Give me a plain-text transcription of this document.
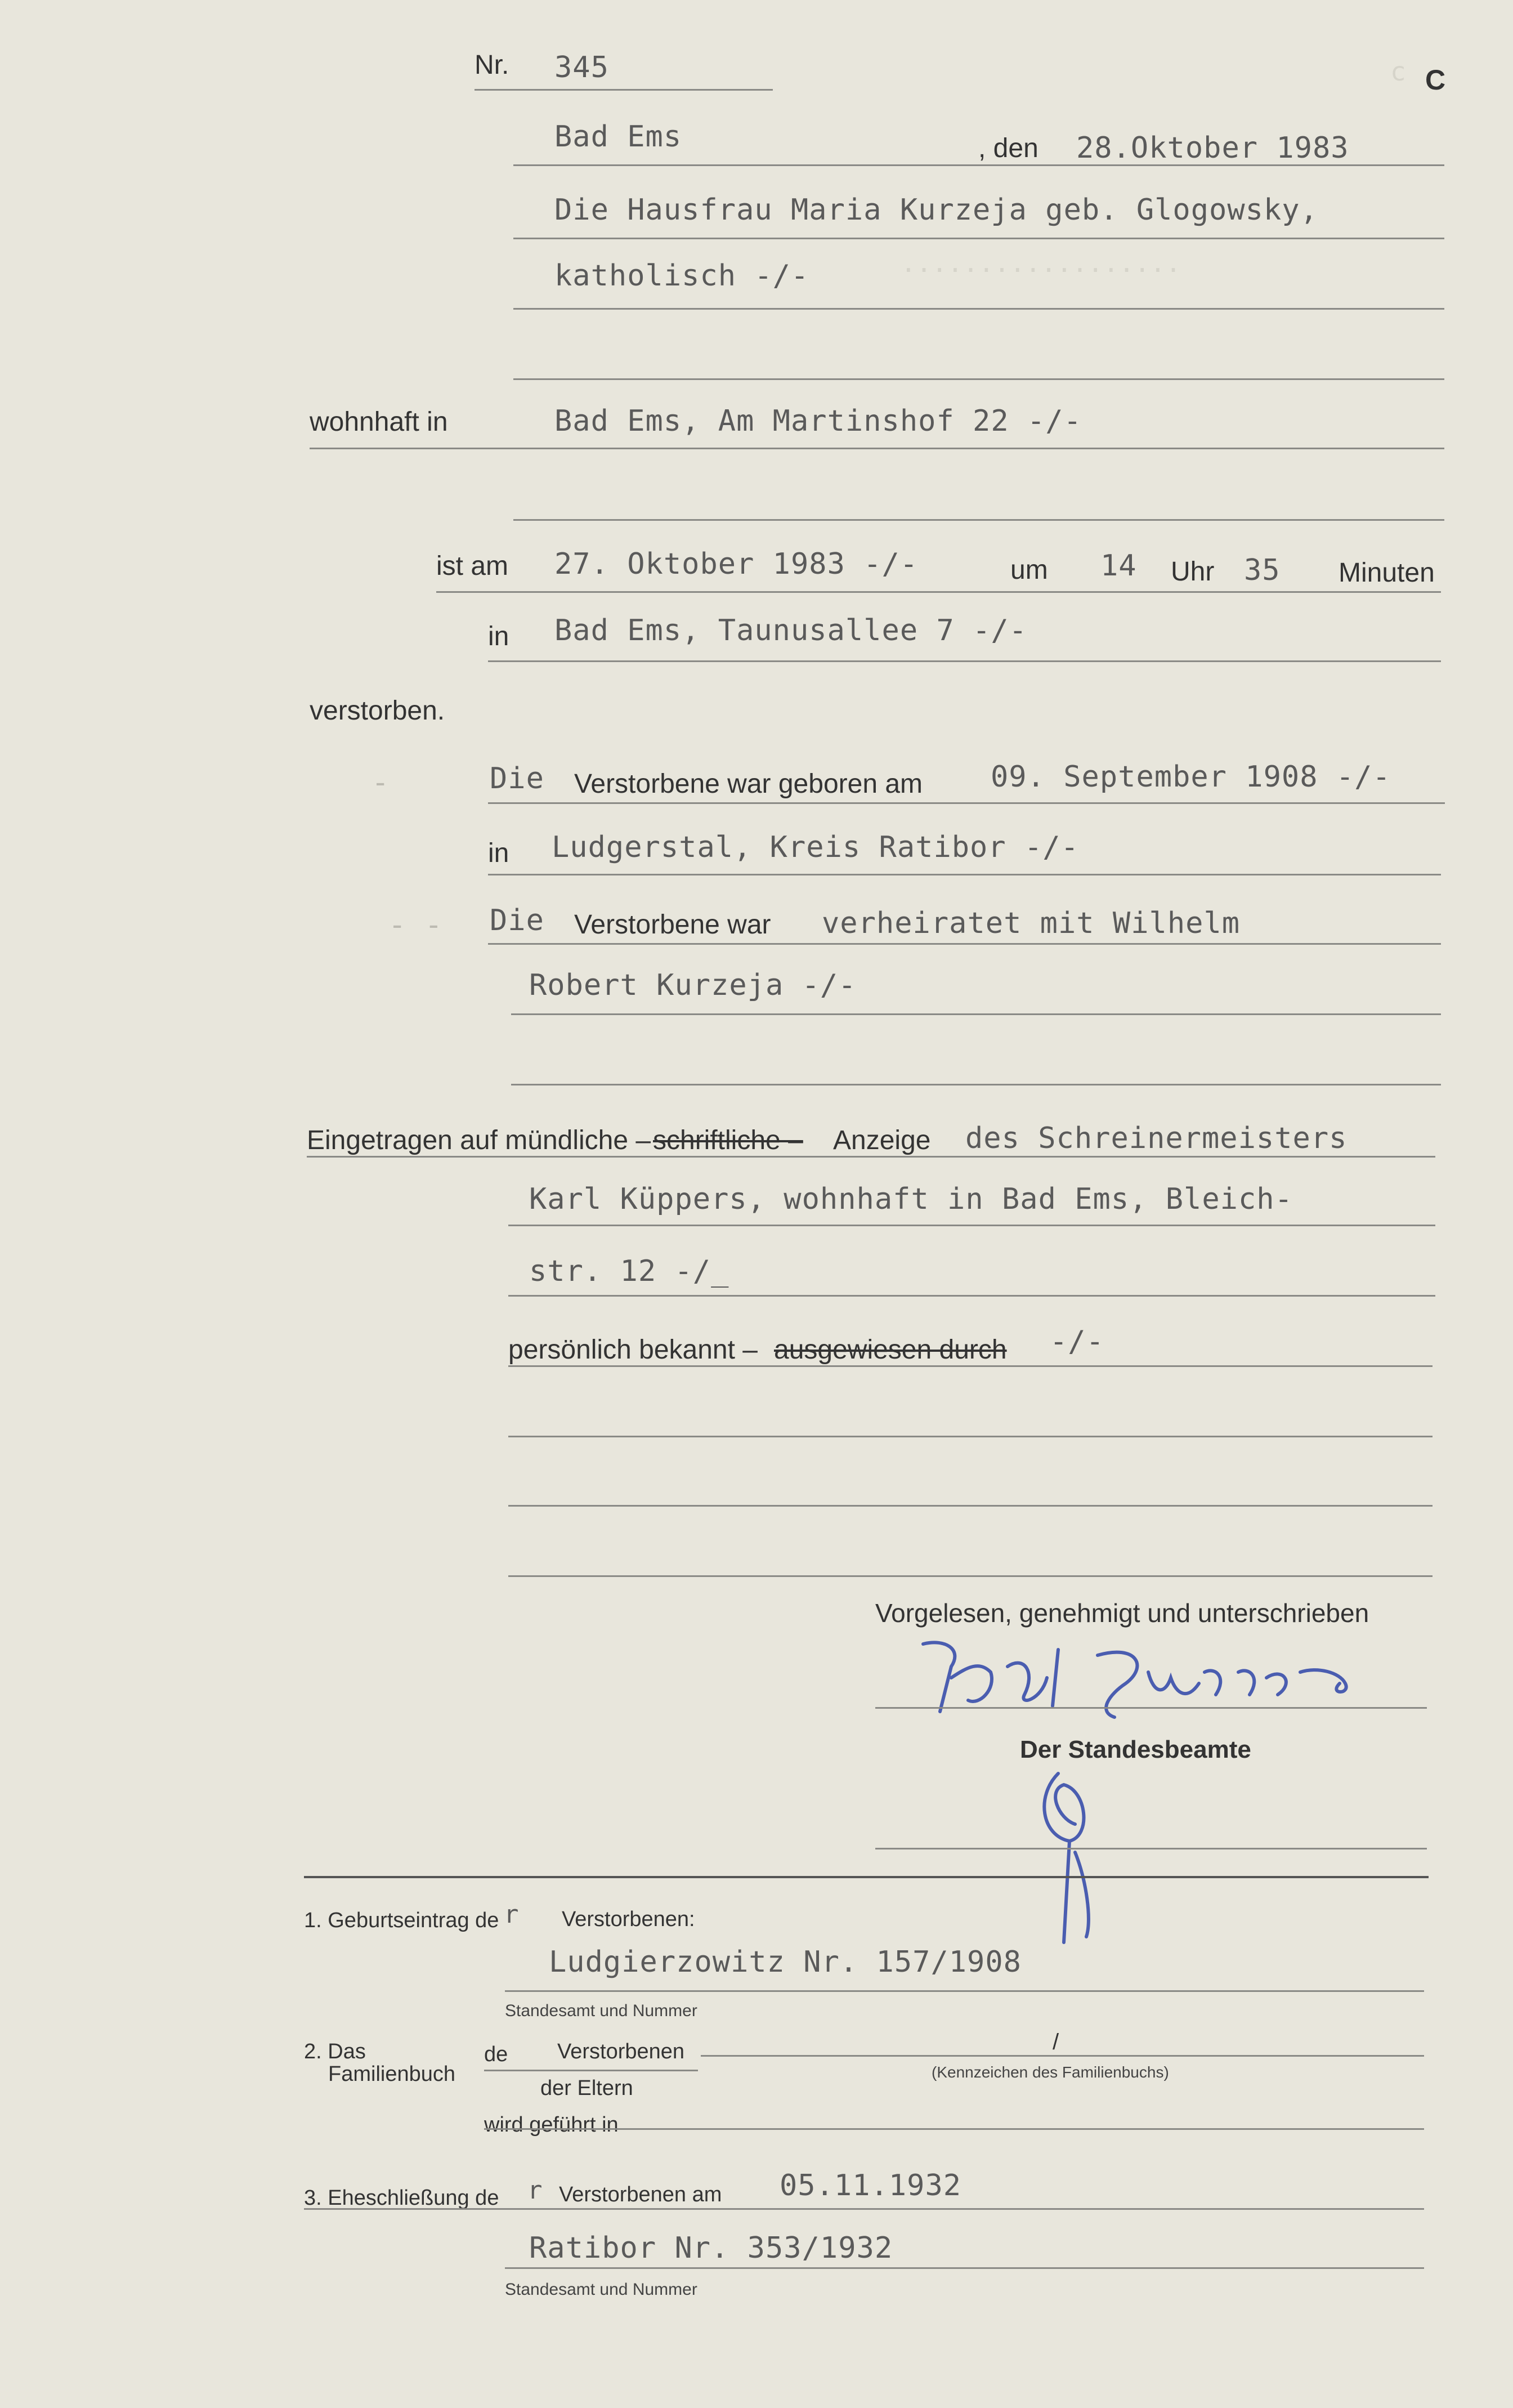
c
..................
Nr. 345	C
Bad Ems	, den 28.Oktober 1983
Die Hausfrau Maria Kurzeja geb. Glogowsky,
katholisch -/-
wohnhaft in	Bad Ems, Am Martinshof 22 -/-
ist am 27. Oktober 1983 -/-	um 14 Uhr 35 Minuten
in Bad Ems, Taunusallee 7 -/-
verstorben.
-	Die Verstorbene war geboren am 09. September 1908 -/-
in Ludgerstal, Kreis Ratibor -/-
- - Die Verstorbene war verheiratet mit Wilhelm
Robert Kurzeja -/-
Eingetragen auf mündliche – schriftliche – Anzeige des Schreinermeisters
Karl Küppers, wohnhaft in Bad Ems, Bleich-
str. 12 -/_
persönlich bekannt – ausgewiesen durch -/-
Vorgelesen, genehmigt und unterschrieben
Der Standesbeamte
1. Geburtseintrag de r Verstorbenen:
Ludgierzowitz Nr. 157/1908
Standesamt und Nummer
2. Das
Familienbuch
de Verstorbenen	/
(Kennzeichen des Familienbuchs)
der Eltern
wird geführt in
3. Eheschließung de r Verstorbenen am 05.11.1932
Ratibor Nr. 353/1932
Standesamt und Nummer
